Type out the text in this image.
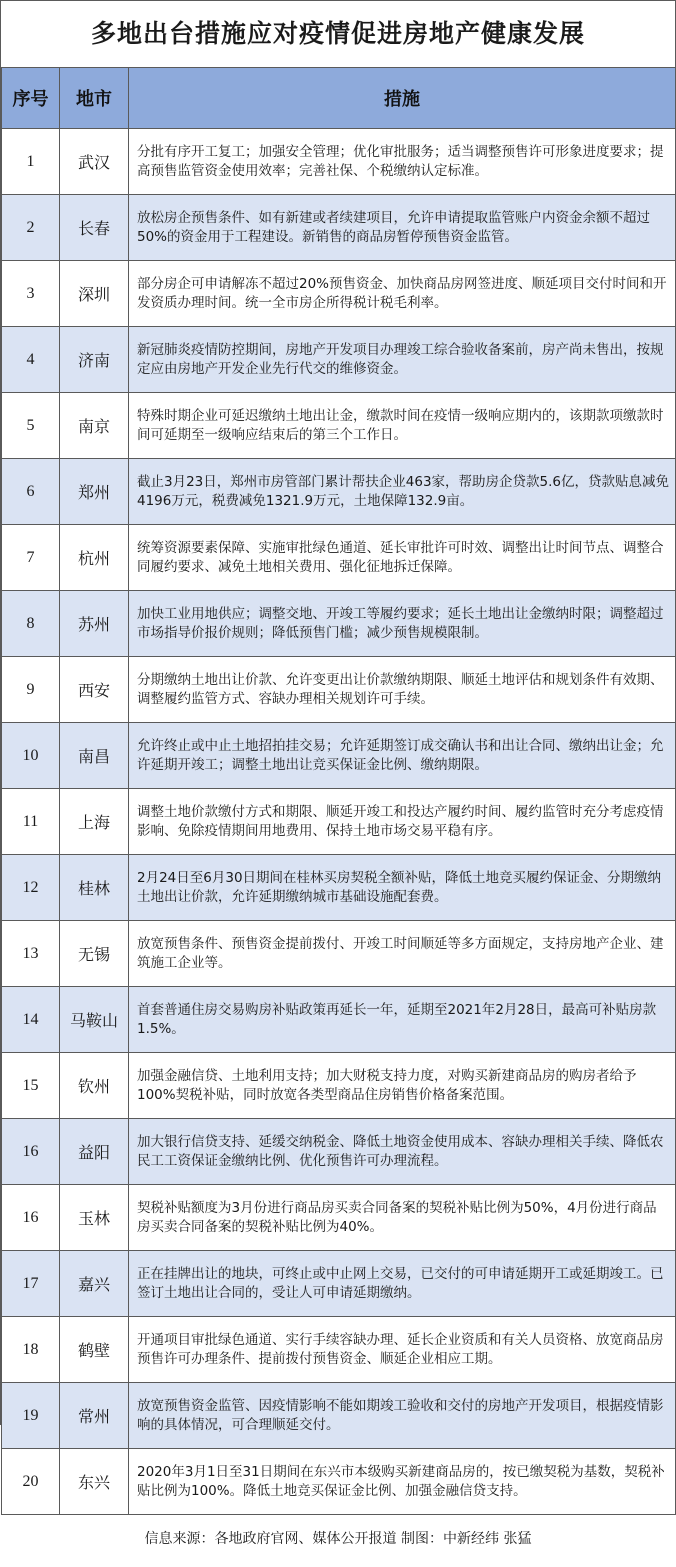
多地出台措施应对疫情促进房地产健康发展
序号	地市	措施
1	武汉	分批有序开工复工；加强安全管理；优化审批服务；适当调整预售许可形象进度要求；提高预售监管资金使用效率；完善社保、个税缴纳认定标准。
2	长春	放松房企预售条件、如有新建或者续建项目，允许申请提取监管账户内资金余额不超过50%的资金用于工程建设。新销售的商品房暂停预售资金监管。
3	深圳	部分房企可申请解冻不超过20%预售资金、加快商品房网签进度、顺延项目交付时间和开发资质办理时间。统一全市房企所得税计税毛利率。
4	济南	新冠肺炎疫情防控期间，房地产开发项目办理竣工综合验收备案前，房产尚未售出，按规定应由房地产开发企业先行代交的维修资金。
5	南京	特殊时期企业可延迟缴纳土地出让金，缴款时间在疫情一级响应期内的，该期款项缴款时间可延期至一级响应结束后的第三个工作日。
6	郑州	截止3月23日，郑州市房管部门累计帮扶企业463家，帮助房企贷款5.6亿，贷款贴息减免4196万元，税费减免1321.9万元，土地保障132.9亩。
7	杭州	统筹资源要素保障、实施审批绿色通道、延长审批许可时效、调整出让时间节点、调整合同履约要求、减免土地相关费用、强化征地拆迁保障。
8	苏州	加快工业用地供应；调整交地、开竣工等履约要求；延长土地出让金缴纳时限；调整超过市场指导价报价规则；降低预售门槛；减少预售规模限制。
9	西安	分期缴纳土地出让价款、允许变更出让价款缴纳期限、顺延土地评估和规划条件有效期、调整履约监管方式、容缺办理相关规划许可手续。
10	南昌	允许终止或中止土地招拍挂交易；允许延期签订成交确认书和出让合同、缴纳出让金；允许延期开竣工；调整土地出让竞买保证金比例、缴纳期限。
11	上海	调整土地价款缴付方式和期限、顺延开竣工和投达产履约时间、履约监管时充分考虑疫情影响、免除疫情期间用地费用、保持土地市场交易平稳有序。
12	桂林	2月24日至6月30日期间在桂林买房契税全额补贴，降低土地竞买履约保证金、分期缴纳土地出让价款，允许延期缴纳城市基础设施配套费。
13	无锡	放宽预售条件、预售资金提前拨付、开竣工时间顺延等多方面规定，支持房地产企业、建筑施工企业等。
14	马鞍山	首套普通住房交易购房补贴政策再延长一年，延期至2021年2月28日，最高可补贴房款1.5%。
15	钦州	加强金融信贷、土地利用支持；加大财税支持力度，对购买新建商品房的购房者给予100%契税补贴，同时放宽各类型商品住房销售价格备案范围。
16	益阳	加大银行信贷支持、延缓交纳税金、降低土地资金使用成本、容缺办理相关手续、降低农民工工资保证金缴纳比例、优化预售许可办理流程。
16	玉林	契税补贴额度为3月份进行商品房买卖合同备案的契税补贴比例为50%，4月份进行商品房买卖合同备案的契税补贴比例为40%。
17	嘉兴	正在挂牌出让的地块，可终止或中止网上交易，已交付的可申请延期开工或延期竣工。已签订土地出让合同的，受让人可申请延期缴纳。
18	鹤壁	开通项目审批绿色通道、实行手续容缺办理、延长企业资质和有关人员资格、放宽商品房预售许可办理条件、提前拨付预售资金、顺延企业相应工期。
19	常州	放宽预售资金监管、因疫情影响不能如期竣工验收和交付的房地产开发项目，根据疫情影响的具体情况，可合理顺延交付。
20	东兴	2020年3月1日至31日期间在东兴市本级购买新建商品房的，按已缴契税为基数，契税补贴比例为100%。降低土地竞买保证金比例、加强金融信贷支持。
信息来源：各地政府官网、媒体公开报道 制图：中新经纬 张猛
